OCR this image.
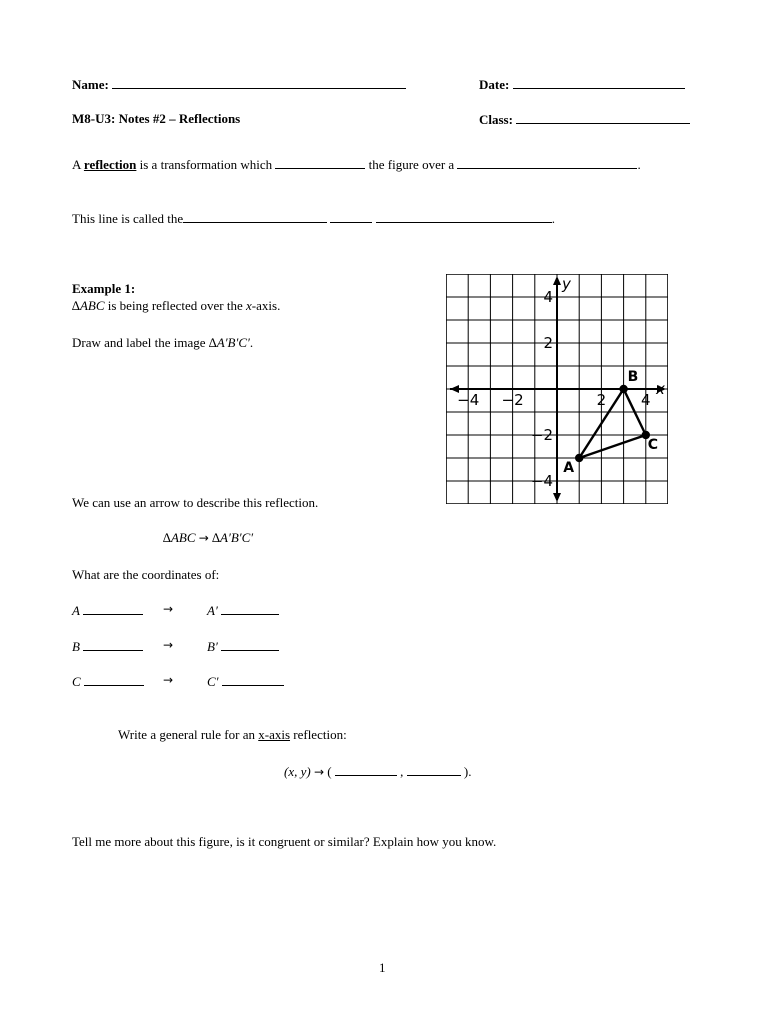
Name:	Date:
M8-U3: Notes #2 – Reflections	Class:
A reflection is a transformation which	the figure over a	.
This line is called the	.
Example 1:
∆ABC is being reflected over the x-axis.
Draw and label the image ∆A′B′C′.
x
y
−4 −2	2 4
4
2
−2
−4
A
B
C
We can use an arrow to describe this reflection.
∆ABC → ∆A′B′C′
What are the coordinates of:
A	→	A′
B	→	B′
C	→	C′
Write a general rule for an x-axis reflection:
(x, y) → (	,	).
Tell me more about this figure, is it congruent or similar? Explain how you know.
1
